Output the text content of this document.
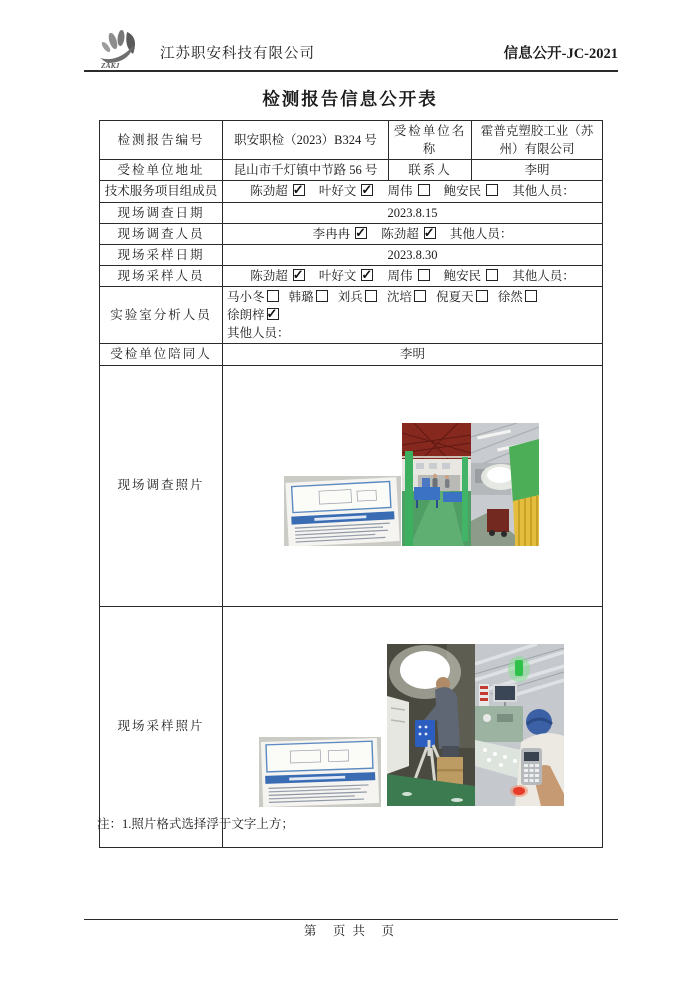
ZAKJ
江苏职安科技有限公司	信息公开-JC-2021
检测报告信息公开表
检测报告编号	职安职检（2023）B324 号	受检单位名称	霍普克塑胶工业（苏州）有限公司
受检单位地址	昆山市千灯镇中节路 56 号	联系人	李明
技术服务项目组成员	陈劲超 ✓ 叶好文 ✓ 周伟 鲍安民 其他人员：
现场调查日期	2023.8.15		
现场调查人员	李冉冉 ✓ 陈劲超 ✓ 其他人员：
现场采样日期	2023.8.30		
现场采样人员	陈劲超 ✓ 叶好文 ✓ 周伟 鲍安民 其他人员：
实验室分析人员	马小冬 韩璐 刘兵 沈培 倪夏天 徐然 徐朗梓✓
其他人员：

受检单位陪同人	李明		
现场调查照片	

现场采样照片	
注：1.照片格式选择浮于文字上方；
第　页 共　页
